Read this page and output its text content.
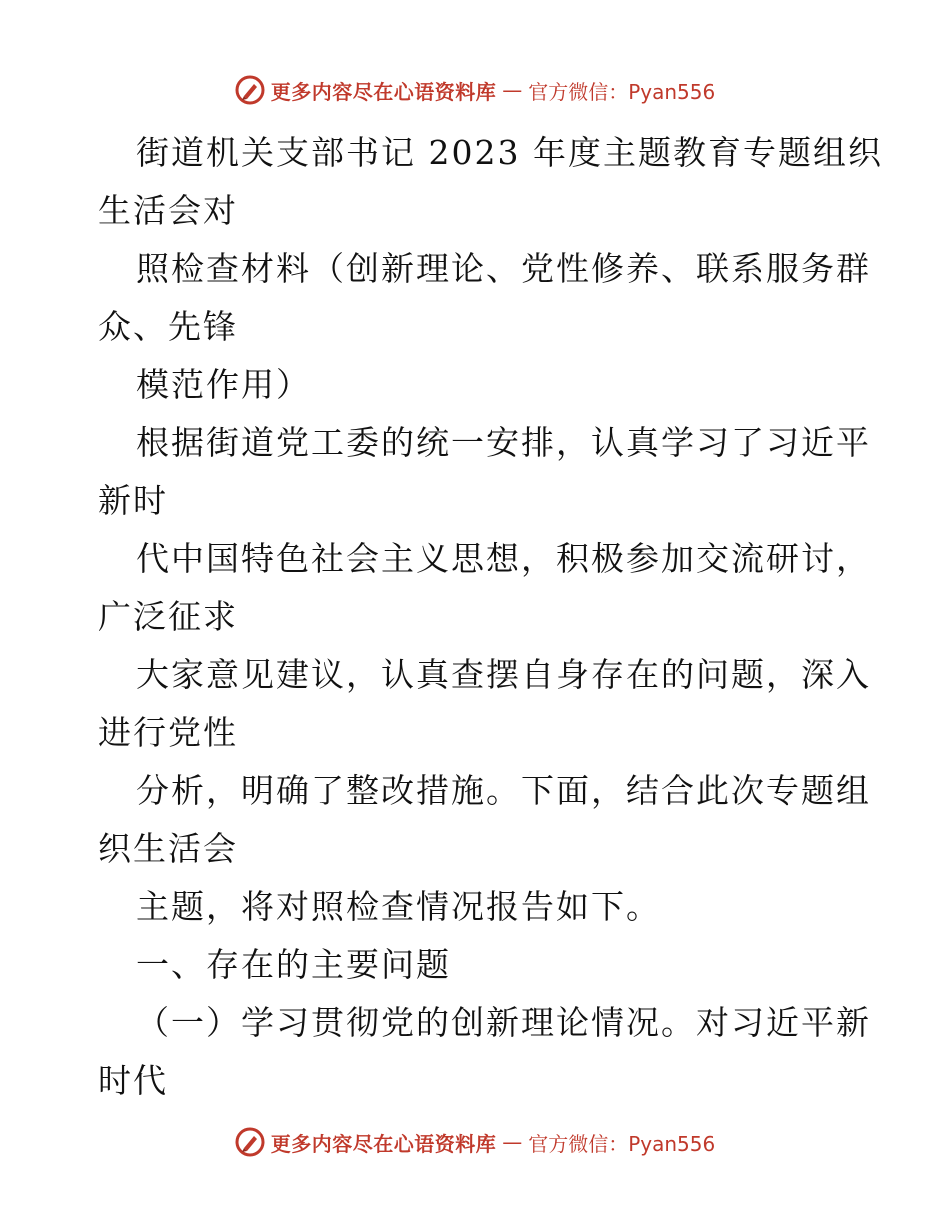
更多内容尽在心语资料库 — 官方微信：Pyan556
街道机关支部书记 2023 年度主题教育专题组织
生活会对
照检查材料（创新理论、党性修养、联系服务群
众、先锋
模范作用）
根据街道党工委的统一安排，认真学习了习近平
新时
代中国特色社会主义思想，积极参加交流研讨，
广泛征求
大家意见建议，认真查摆自身存在的问题，深入
进行党性
分析，明确了整改措施。下面，结合此次专题组
织生活会
主题，将对照检查情况报告如下。
一、存在的主要问题
（一）学习贯彻党的创新理论情况。对习近平新
时代
更多内容尽在心语资料库 — 官方微信：Pyan556
